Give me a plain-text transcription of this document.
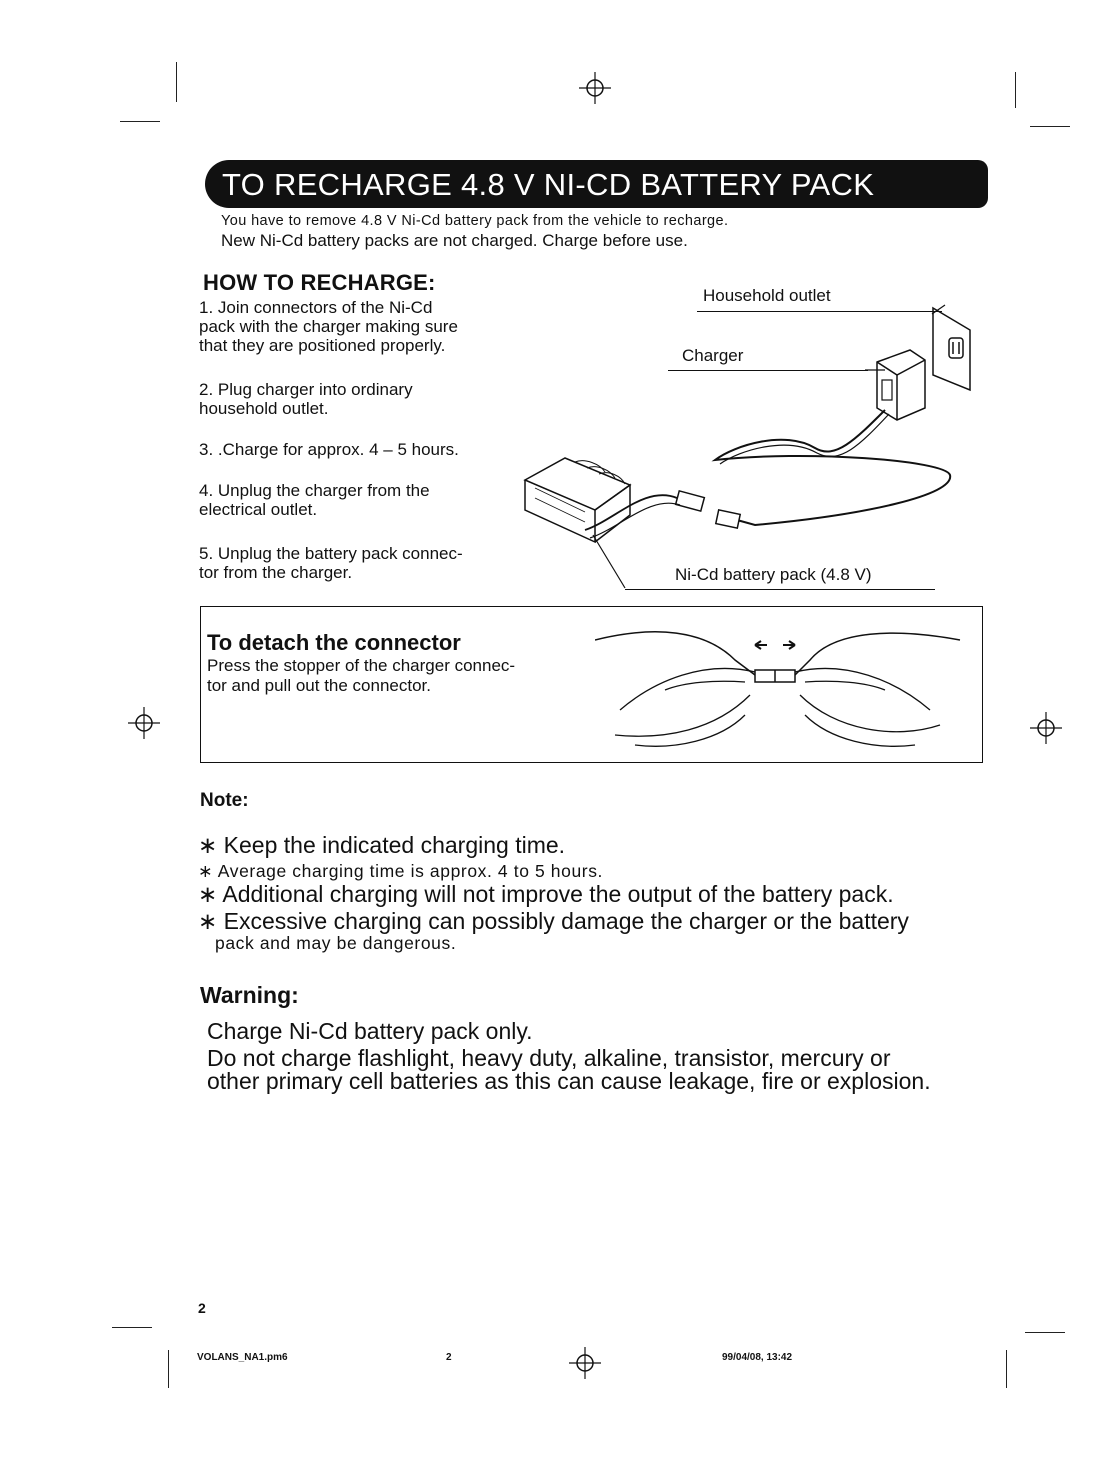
TO RECHARGE 4.8 V NI-CD BATTERY PACK
You have to remove 4.8 V Ni-Cd battery pack from the vehicle to recharge.
New Ni-Cd battery packs are not charged. Charge before use.
HOW TO RECHARGE:
1. Join connectors of the Ni-Cd
pack with the charger making sure
that they are positioned properly.
2. Plug charger into ordinary
household outlet.
3. .Charge for approx. 4 – 5 hours.
4. Unplug the charger from the
electrical outlet.
5. Unplug the battery pack connec-
tor from the charger.
Household outlet
Charger
Ni-Cd battery pack (4.8 V)
To detach the connector
Press the stopper of the charger connec-
tor and pull out the connector.
Note:
∗ Keep the indicated charging time.
∗ Average charging time is approx. 4 to 5 hours.
∗ Additional charging will not improve the output of the battery pack.
∗ Excessive charging can possibly damage the charger or the battery
pack and may be dangerous.
Warning:
Charge Ni-Cd battery pack only.
Do not charge flashlight, heavy duty, alkaline, transistor, mercury or
other primary cell batteries as this can cause leakage, fire or explosion.
2
VOLANS_NA1.pm6	2	99/04/08, 13:42
